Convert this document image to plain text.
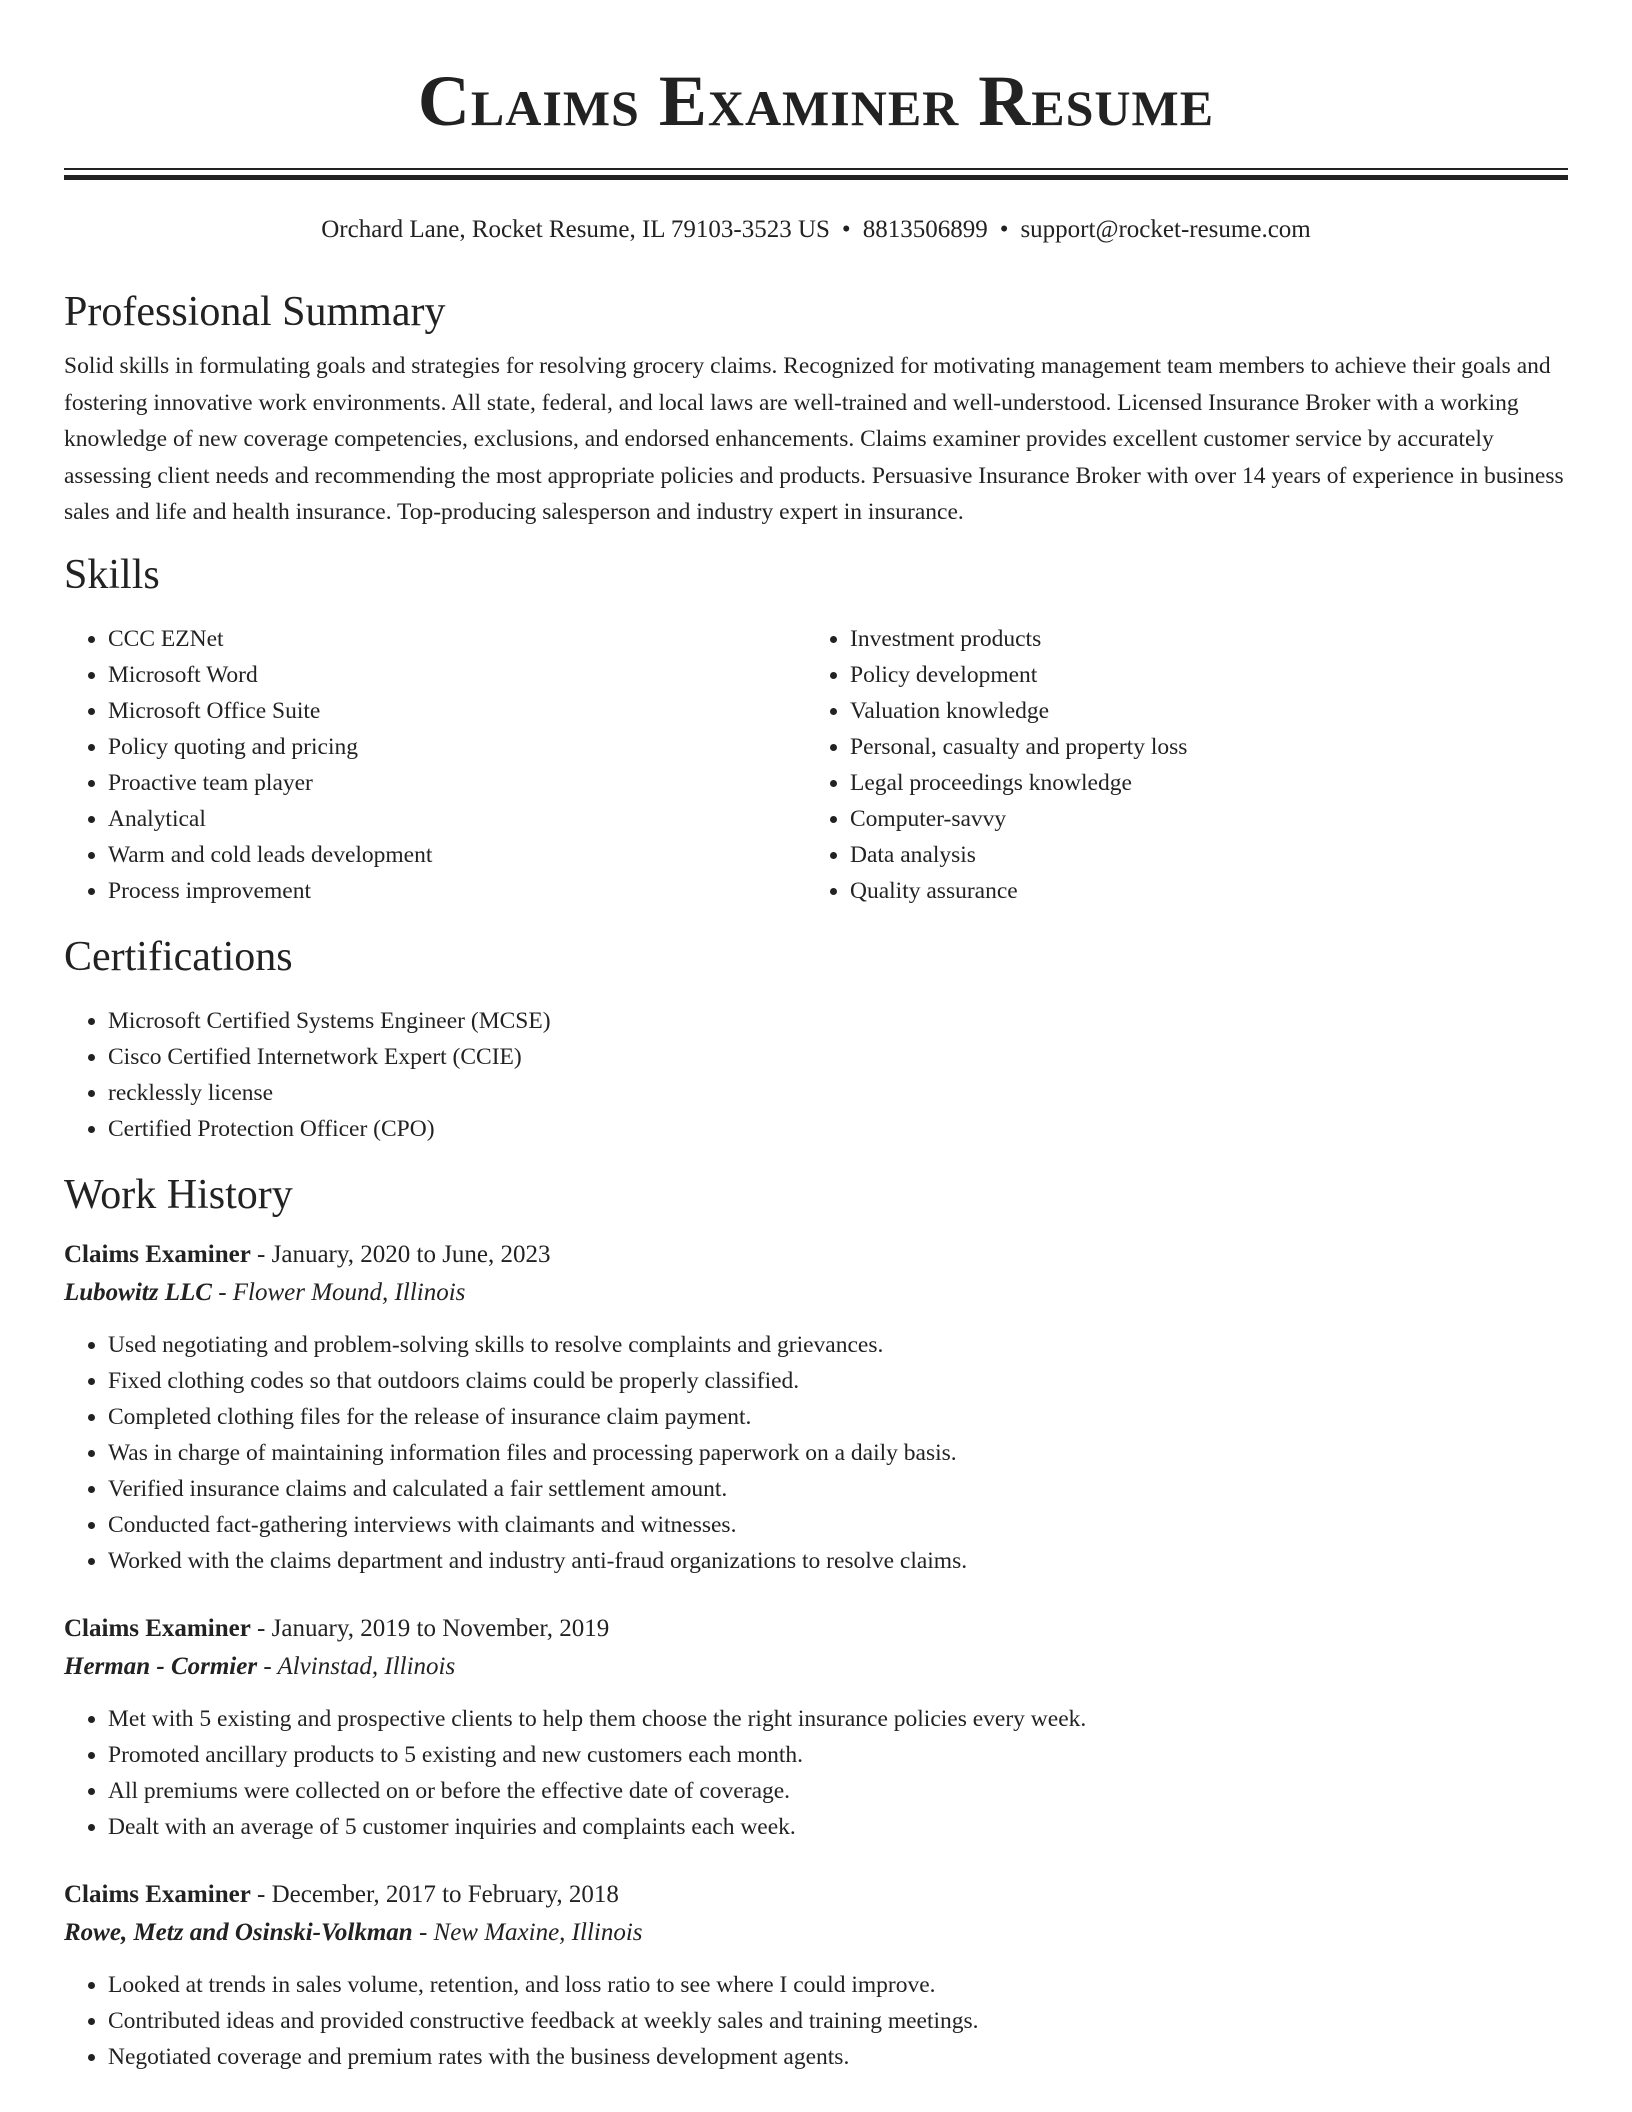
Claims Examiner Resume
Orchard Lane, Rocket Resume, IL 79103-3523 US • 8813506899 • support@rocket-resume.com
Professional Summary

Solid skills in formulating goals and strategies for resolving grocery claims. Recognized for motivating management team members to achieve their goals and fostering innovative work environments. All state, federal, and local laws are well-trained and well-understood. Licensed Insurance Broker with a working knowledge of new coverage competencies, exclusions, and endorsed enhancements. Claims examiner provides excellent customer service by accurately assessing client needs and recommending the most appropriate policies and products. Persuasive Insurance Broker with over 14 years of experience in business sales and life and health insurance. Top-producing salesperson and industry expert in insurance.

Skills
• CCC EZNet
• Microsoft Word
• Microsoft Office Suite
• Policy quoting and pricing
• Proactive team player
• Analytical
• Warm and cold leads development
• Process improvement
• Investment products
• Policy development
• Valuation knowledge
• Personal, casualty and property loss
• Legal proceedings knowledge
• Computer-savvy
• Data analysis
• Quality assurance
Certifications
• Microsoft Certified Systems Engineer (MCSE)
• Cisco Certified Internetwork Expert (CCIE)
• recklessly license
• Certified Protection Officer (CPO)
Work History
Claims Examiner - January, 2020 to June, 2023
Lubowitz LLC - Flower Mound, Illinois
• Used negotiating and problem-solving skills to resolve complaints and grievances.
• Fixed clothing codes so that outdoors claims could be properly classified.
• Completed clothing files for the release of insurance claim payment.
• Was in charge of maintaining information files and processing paperwork on a daily basis.
• Verified insurance claims and calculated a fair settlement amount.
• Conducted fact-gathering interviews with claimants and witnesses.
• Worked with the claims department and industry anti-fraud organizations to resolve claims.
Claims Examiner - January, 2019 to November, 2019
Herman - Cormier - Alvinstad, Illinois
• Met with 5 existing and prospective clients to help them choose the right insurance policies every week.
• Promoted ancillary products to 5 existing and new customers each month.
• All premiums were collected on or before the effective date of coverage.
• Dealt with an average of 5 customer inquiries and complaints each week.
Claims Examiner - December, 2017 to February, 2018
Rowe, Metz and Osinski-Volkman - New Maxine, Illinois
• Looked at trends in sales volume, retention, and loss ratio to see where I could improve.
• Contributed ideas and provided constructive feedback at weekly sales and training meetings.
• Negotiated coverage and premium rates with the business development agents.
